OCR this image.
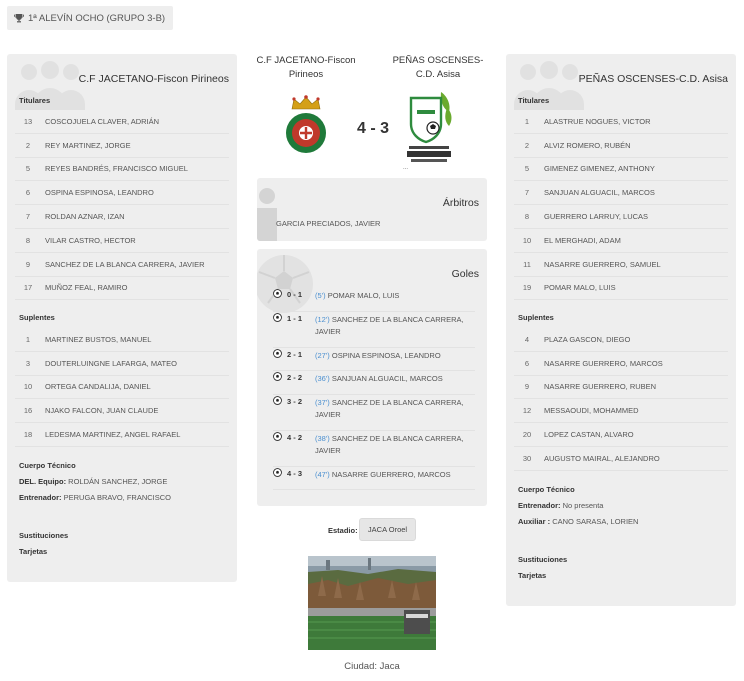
1ª ALEVÍN OCHO (GRUPO 3-B)
C.F JACETANO-Fiscon Pirineos
Titulares
13	COSCOJUELA CLAVER, ADRIÁN
2	REY MARTINEZ, JORGE
5	REYES BANDRÉS, FRANCISCO MIGUEL
6	OSPINA ESPINOSA, LEANDRO
7	ROLDAN AZNAR, IZAN
8	VILAR CASTRO, HECTOR
9	SANCHEZ DE LA BLANCA CARRERA, JAVIER
17	MUÑOZ FEAL, RAMIRO
Suplentes
1	MARTINEZ BUSTOS, MANUEL
3	DOUTERLUINGNE LAFARGA, MATEO
10	ORTEGA CANDALIJA, DANIEL
16	NJAKO FALCON, JUAN CLAUDE
18	LEDESMA MARTINEZ, ANGEL RAFAEL
Cuerpo Técnico
DEL. Equipo: ROLDÁN SANCHEZ, JORGE
Entrenador: PERUGA BRAVO, FRANCISCO
Sustituciones
Tarjetas
PEÑAS OSCENSES-C.D. Asisa
Titulares
1	ALASTRUE NOGUES, VICTOR
2	ALVIZ ROMERO, RUBÉN
5	GIMENEZ GIMENEZ, ANTHONY
7	SANJUAN ALGUACIL, MARCOS
8	GUERRERO LARRUY, LUCAS
10	EL MERGHADI, ADAM
11	NASARRE GUERRERO, SAMUEL
19	POMAR MALO, LUIS
Suplentes
4	PLAZA GASCON, DIEGO
6	NASARRE GUERRERO, MARCOS
9	NASARRE GUERRERO, RUBEN
12	MESSAOUDI, MOHAMMED
20	LOPEZ CASTAN, ALVARO
30	AUGUSTO MAIRAL, ALEJANDRO
Cuerpo Técnico
Entrenador: No presenta
Auxiliar : CANO SARASA, LORIEN
Sustituciones
Tarjetas
C.F JACETANO-Fiscon
Pirineos
PEÑAS OSCENSES-
C.D. Asisa
4 - 3
...
Árbitros
GARCIA PRECIADOS, JAVIER
Goles
0 - 1 (5') POMAR MALO, LUIS
1 - 1 (12') SANCHEZ DE LA BLANCA CARRERA, JAVIER
2 - 1 (27') OSPINA ESPINOSA, LEANDRO
2 - 2 (36') SANJUAN ALGUACIL, MARCOS
3 - 2 (37') SANCHEZ DE LA BLANCA CARRERA, JAVIER
4 - 2 (38') SANCHEZ DE LA BLANCA CARRERA, JAVIER
4 - 3 (47') NASARRE GUERRERO, MARCOS
Estadio:	JACA Oroel
Ciudad: Jaca
